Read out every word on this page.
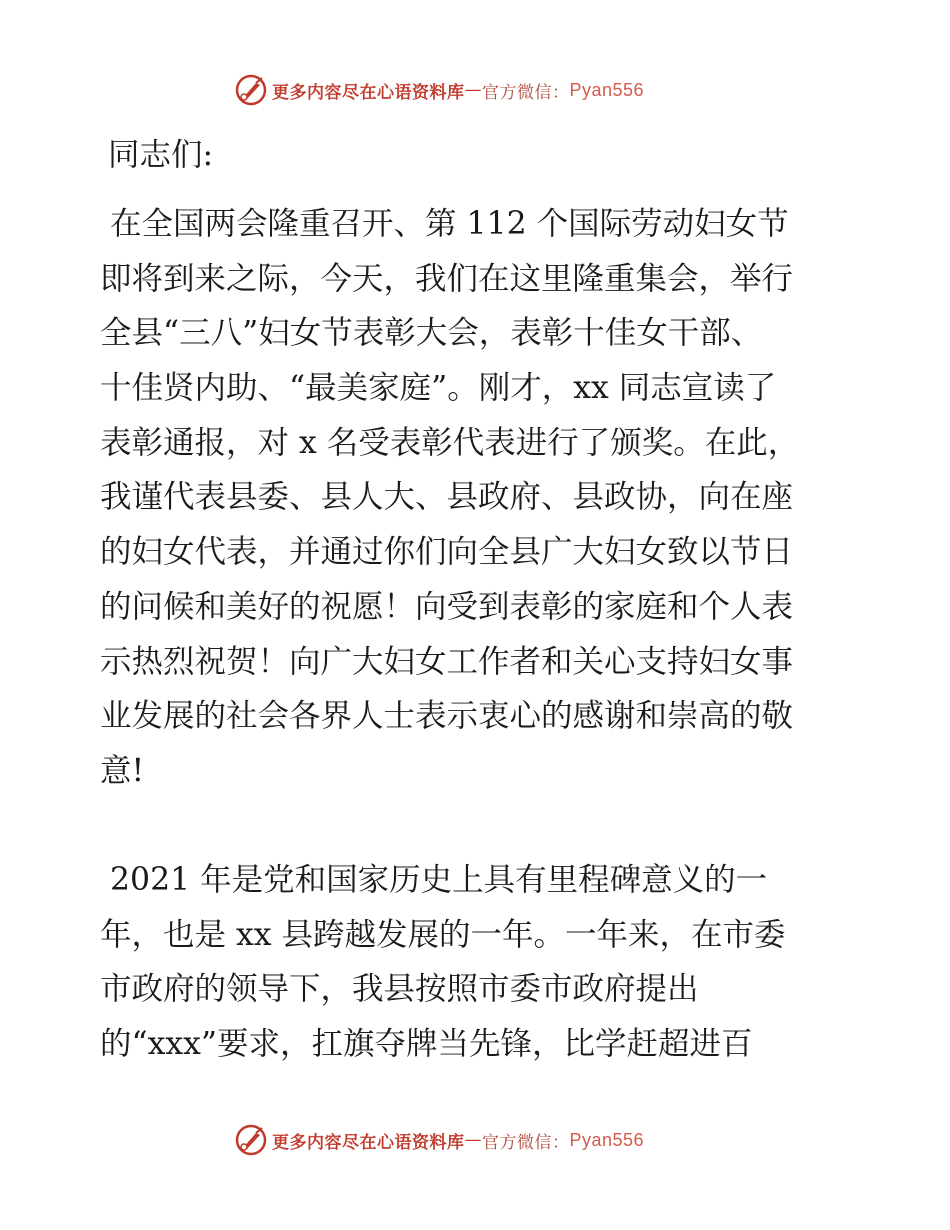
更多内容尽在心语资料库 — 官方微信： Pyan556
同志们:
在全国两会隆重召开、第 112 个国际劳动妇女节
即将到来之际，今天，我们在这里隆重集会，举行
全县“三八”妇女节表彰大会，表彰十佳女干部、
十佳贤内助、“最美家庭”。刚才，xx 同志宣读了
表彰通报，对 x 名受表彰代表进行了颁奖。在此，
我谨代表县委、县人大、县政府、县政协，向在座
的妇女代表，并通过你们向全县广大妇女致以节日
的问候和美好的祝愿！向受到表彰的家庭和个人表
示热烈祝贺！向广大妇女工作者和关心支持妇女事
业发展的社会各界人士表示衷心的感谢和崇高的敬
意!
2021 年是党和国家历史上具有里程碑意义的一
年，也是 xx 县跨越发展的一年。一年来，在市委
市政府的领导下，我县按照市委市政府提出
的“xxx”要求，扛旗夺牌当先锋，比学赶超进百
更多内容尽在心语资料库 — 官方微信： Pyan556
